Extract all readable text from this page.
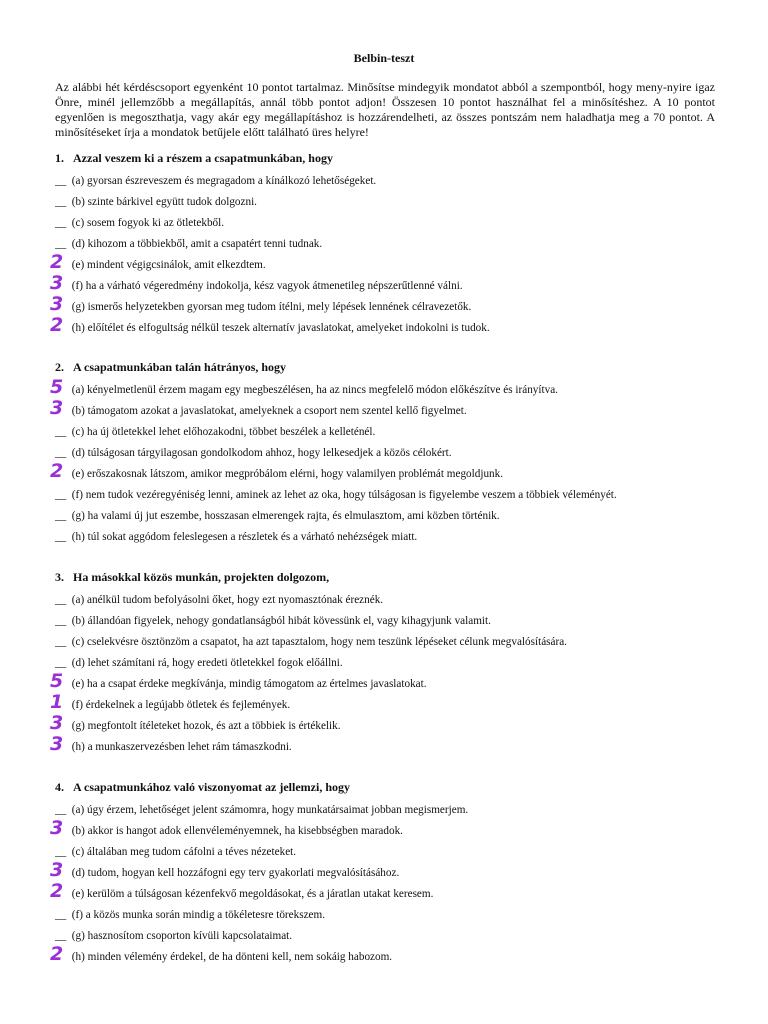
Belbin-teszt
Az alábbi hét kérdéscsoport egyenként 10 pontot tartalmaz. Minősítse mindegyik mondatot abból a szempontból, hogy meny-nyire igaz Önre, minél jellemzőbb a megállapítás, annál több pontot adjon! Összesen 10 pontot használhat fel a minősítéshez. A 10 pontot egyenlően is megoszthatja, vagy akár egy megállapításhoz is hozzárendelheti, az összes pontszám nem haladhatja meg a 70 pontot. A minősítéseket írja a mondatok betűjele előtt található üres helyre!
1. Azzal veszem ki a részem a csapatmunkában, hogy
__ (a) gyorsan észreveszem és megragadom a kínálkozó lehetőségeket.
__ (b) szinte bárkivel együtt tudok dolgozni.
__ (c) sosem fogyok ki az ötletekből.
__ (d) kihozom a többiekből, amit a csapatért tenni tudnak.
2 (e) mindent végigcsinálok, amit elkezdtem.
3 (f) ha a várható végeredmény indokolja, kész vagyok átmenetileg népszerűtlenné válni.
3 (g) ismerős helyzetekben gyorsan meg tudom ítélni, mely lépések lennének célravezetők.
2 (h) előítélet és elfogultság nélkül teszek alternatív javaslatokat, amelyeket indokolni is tudok.
2. A csapatmunkában talán hátrányos, hogy
5 (a) kényelmetlenül érzem magam egy megbeszélésen, ha az nincs megfelelő módon előkészítve és irányítva.
3 (b) támogatom azokat a javaslatokat, amelyeknek a csoport nem szentel kellő figyelmet.
__ (c) ha új ötletekkel lehet előhozakodni, többet beszélek a kelleténél.
__ (d) túlságosan tárgyilagosan gondolkodom ahhoz, hogy lelkesedjek a közös célokért.
2 (e) erőszakosnak látszom, amikor megpróbálom elérni, hogy valamilyen problémát megoldjunk.
__ (f) nem tudok vezéregyéniség lenni, aminek az lehet az oka, hogy túlságosan is figyelembe veszem a többiek véleményét.
__ (g) ha valami új jut eszembe, hosszasan elmerengek rajta, és elmulasztom, ami közben történik.
__ (h) túl sokat aggódom feleslegesen a részletek és a várható nehézségek miatt.
3. Ha másokkal közös munkán, projekten dolgozom,
__ (a) anélkül tudom befolyásolni őket, hogy ezt nyomasztónak éreznék.
__ (b) állandóan figyelek, nehogy gondatlanságból hibát kövessünk el, vagy kihagyjunk valamit.
__ (c) cselekvésre ösztönzöm a csapatot, ha azt tapasztalom, hogy nem teszünk lépéseket célunk megvalósítására.
__ (d) lehet számítani rá, hogy eredeti ötletekkel fogok előállni.
5 (e) ha a csapat érdeke megkívánja, mindig támogatom az értelmes javaslatokat.
1 (f) érdekelnek a legújabb ötletek és fejlemények.
3 (g) megfontolt ítéleteket hozok, és azt a többiek is értékelik.
3 (h) a munkaszervezésben lehet rám támaszkodni.
4. A csapatmunkához való viszonyomat az jellemzi, hogy
__ (a) úgy érzem, lehetőséget jelent számomra, hogy munkatársaimat jobban megismerjem.
3 (b) akkor is hangot adok ellenvéleményemnek, ha kisebbségben maradok.
__ (c) általában meg tudom cáfolni a téves nézeteket.
3 (d) tudom, hogyan kell hozzáfogni egy terv gyakorlati megvalósításához.
2 (e) kerülöm a túlságosan kézenfekvő megoldásokat, és a járatlan utakat keresem.
__ (f) a közös munka során mindig a tökéletesre törekszem.
__ (g) hasznosítom csoporton kívüli kapcsolataimat.
2 (h) minden vélemény érdekel, de ha dönteni kell, nem sokáig habozom.
